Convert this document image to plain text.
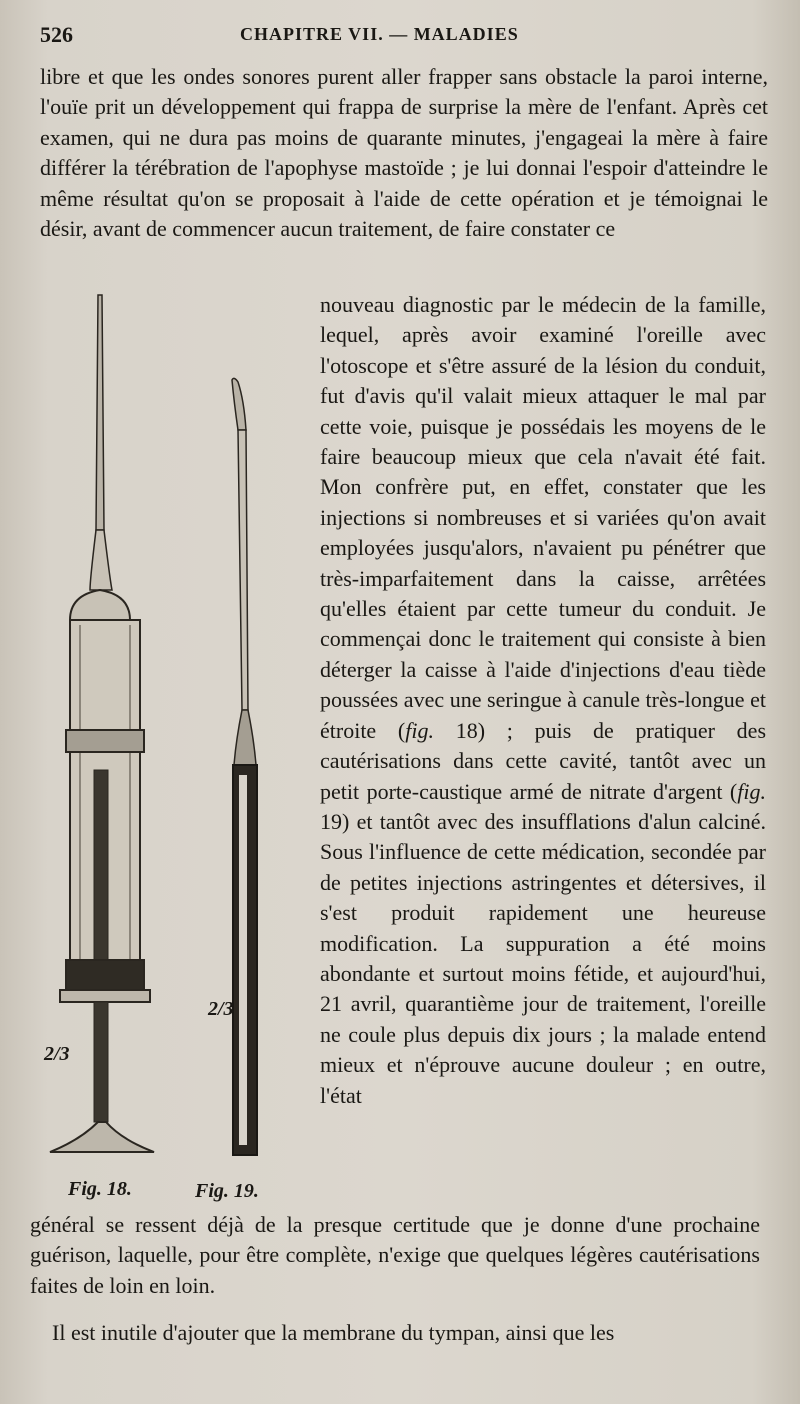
526	CHAPITRE VII. — MALADIES

libre et que les ondes sonores purent aller frapper sans obstacle la paroi interne, l'ouïe prit un développement qui frappa de surprise la mère de l'enfant. Après cet examen, qui ne dura pas moins de quarante minutes, j'engageai la mère à faire différer la térébration de l'apophyse mastoïde ; je lui donnai l'espoir d'atteindre le même résultat qu'on se proposait à l'aide de cette opération et je témoignai le désir, avant de commencer aucun traitement, de faire constater ce

2/3
2/3
Fig. 18.	Fig. 19.

nouveau diagnostic par le médecin de la famille, lequel, après avoir examiné l'oreille avec l'otoscope et s'être assuré de la lésion du conduit, fut d'avis qu'il valait mieux attaquer le mal par cette voie, puisque je possédais les moyens de le faire beaucoup mieux que cela n'avait été fait. Mon confrère put, en effet, constater que les injections si nombreuses et si variées qu'on avait employées jusqu'alors, n'avaient pu pénétrer que très-imparfaitement dans la caisse, arrêtées qu'elles étaient par cette tumeur du conduit. Je commençai donc le traitement qui consiste à bien déterger la caisse à l'aide d'injections d'eau tiède poussées avec une seringue à canule très-longue et étroite (fig. 18) ; puis de pratiquer des cautérisations dans cette cavité, tantôt avec un petit porte-caustique armé de nitrate d'argent (fig. 19) et tantôt avec des insufflations d'alun calciné. Sous l'influence de cette médication, secondée par de petites injections astringentes et détersives, il s'est produit rapidement une heureuse modification. La suppuration a été moins abondante et surtout moins fétide, et aujourd'hui, 21 avril, quarantième jour de traitement, l'oreille ne coule plus depuis dix jours ; la malade entend mieux et n'éprouve aucune douleur ; en outre, l'état

général se ressent déjà de la presque certitude que je donne d'une prochaine guérison, laquelle, pour être complète, n'exige que quelques légères cautérisations faites de loin en loin.

Il est inutile d'ajouter que la membrane du tympan, ainsi que les
